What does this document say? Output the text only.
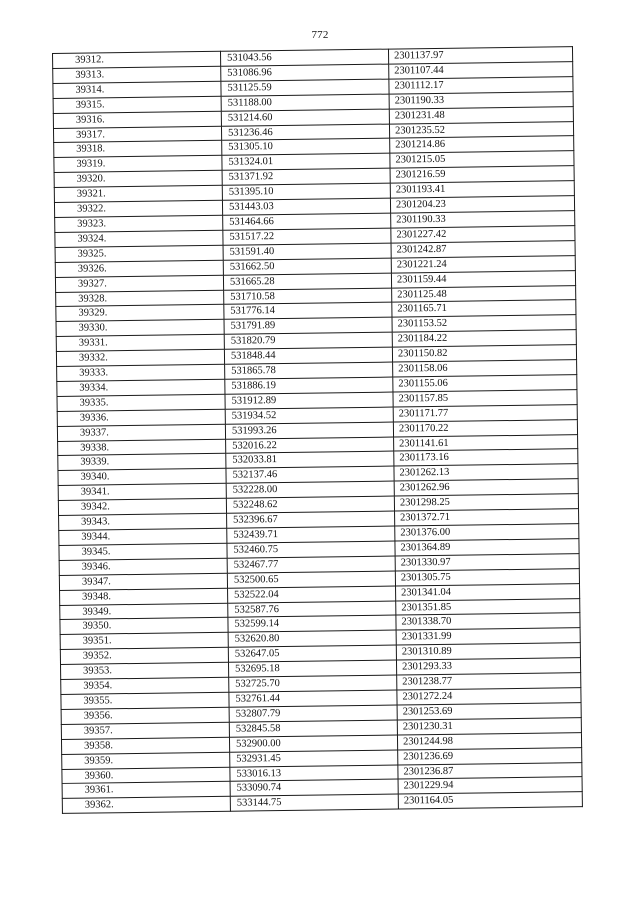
772
39312.	531043.56	2301137.97
39313.	531086.96	2301107.44
39314.	531125.59	2301112.17
39315.	531188.00	2301190.33
39316.	531214.60	2301231.48
39317.	531236.46	2301235.52
39318.	531305.10	2301214.86
39319.	531324.01	2301215.05
39320.	531371.92	2301216.59
39321.	531395.10	2301193.41
39322.	531443.03	2301204.23
39323.	531464.66	2301190.33
39324.	531517.22	2301227.42
39325.	531591.40	2301242.87
39326.	531662.50	2301221.24
39327.	531665.28	2301159.44
39328.	531710.58	2301125.48
39329.	531776.14	2301165.71
39330.	531791.89	2301153.52
39331.	531820.79	2301184.22
39332.	531848.44	2301150.82
39333.	531865.78	2301158.06
39334.	531886.19	2301155.06
39335.	531912.89	2301157.85
39336.	531934.52	2301171.77
39337.	531993.26	2301170.22
39338.	532016.22	2301141.61
39339.	532033.81	2301173.16
39340.	532137.46	2301262.13
39341.	532228.00	2301262.96
39342.	532248.62	2301298.25
39343.	532396.67	2301372.71
39344.	532439.71	2301376.00
39345.	532460.75	2301364.89
39346.	532467.77	2301330.97
39347.	532500.65	2301305.75
39348.	532522.04	2301341.04
39349.	532587.76	2301351.85
39350.	532599.14	2301338.70
39351.	532620.80	2301331.99
39352.	532647.05	2301310.89
39353.	532695.18	2301293.33
39354.	532725.70	2301238.77
39355.	532761.44	2301272.24
39356.	532807.79	2301253.69
39357.	532845.58	2301230.31
39358.	532900.00	2301244.98
39359.	532931.45	2301236.69
39360.	533016.13	2301236.87
39361.	533090.74	2301229.94
39362.	533144.75	2301164.05
